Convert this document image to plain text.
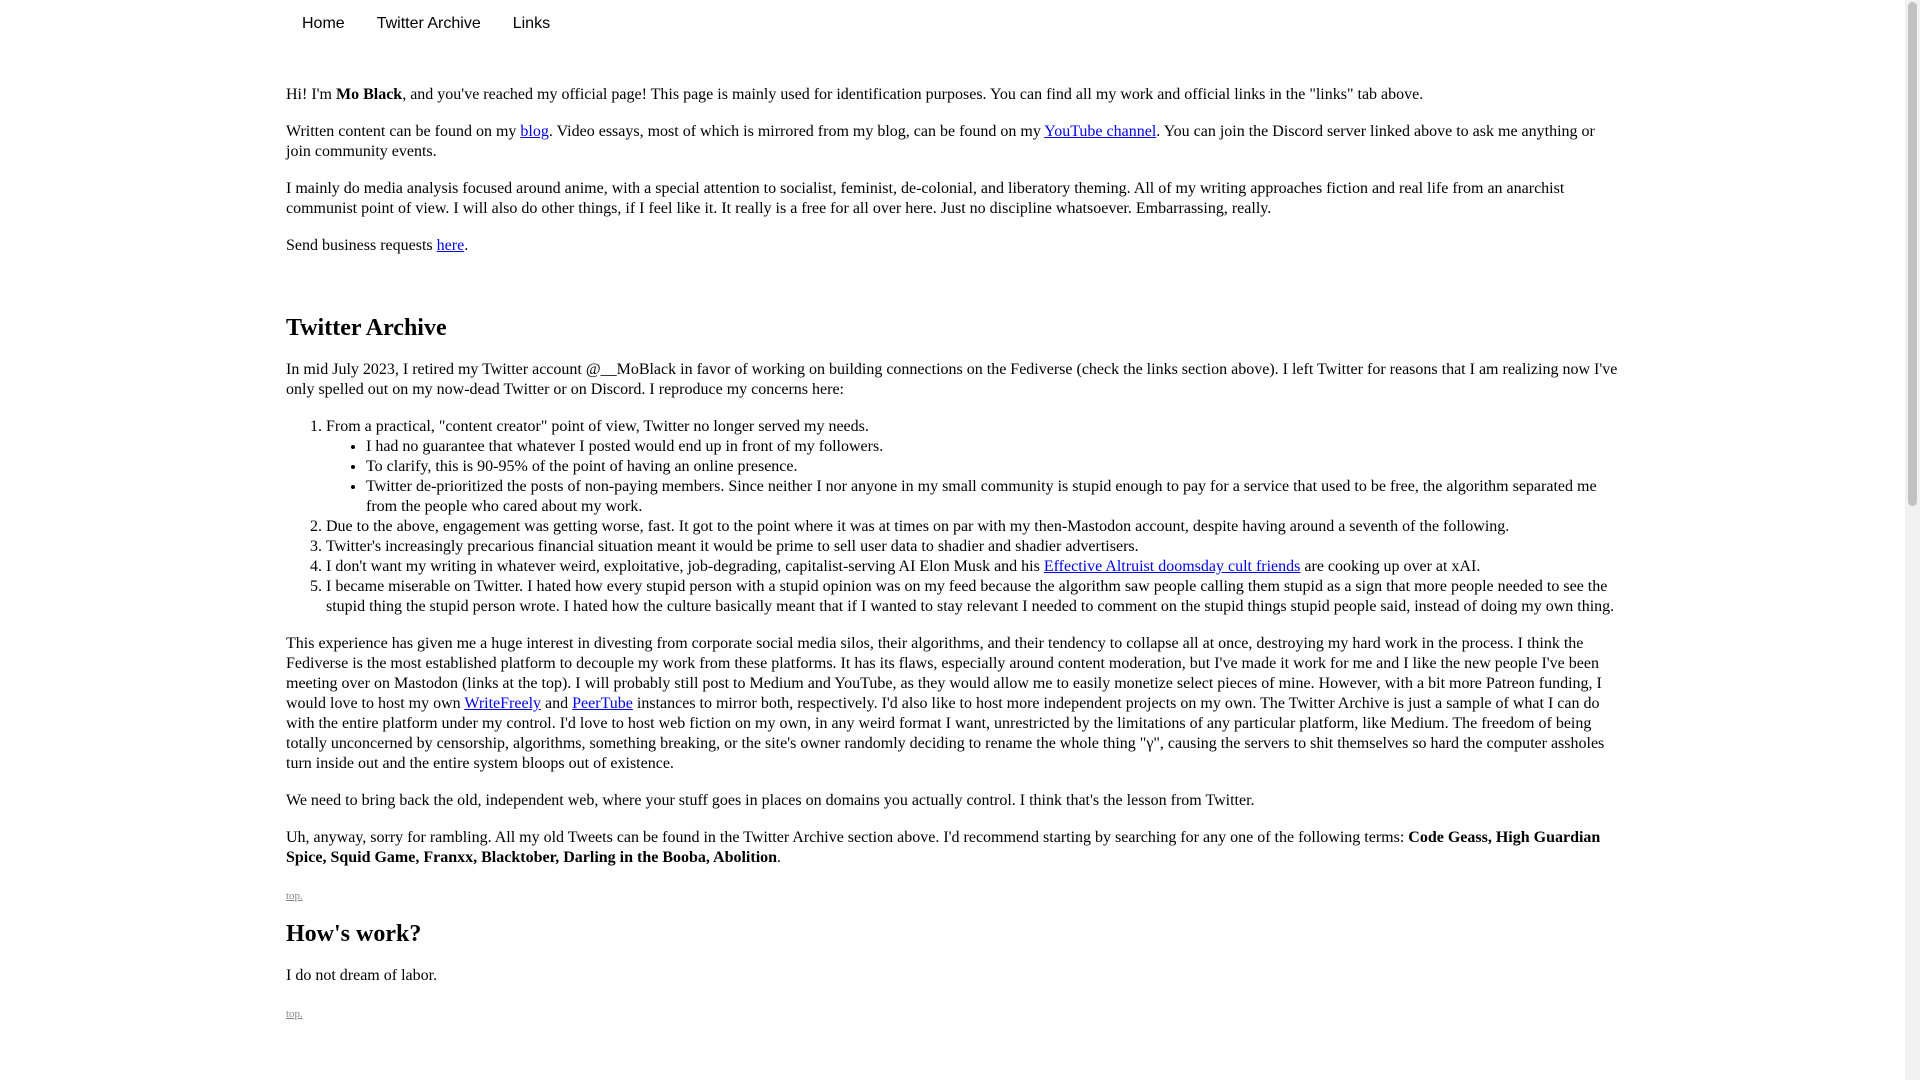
Home	Twitter Archive	Links

Hi! I'm Mo Black, and you've reached my official page! This page is mainly used for identification purposes. You can find all my work and official links in the "links" tab above.

Written content can be found on my blog. Video essays, most of which is mirrored from my blog, can be found on my YouTube channel. You can join the Discord server linked above to ask me anything or join community events.

I mainly do media analysis focused around anime, with a special attention to socialist, feminist, de-colonial, and liberatory theming. All of my writing approaches fiction and real life from an anarchist communist point of view. I will also do other things, if I feel like it. It really is a free for all over here. Just no discipline whatsoever. Embarrassing, really.

Send business requests here.

Twitter Archive

In mid July 2023, I retired my Twitter account @__MoBlack in favor of working on building connections on the Fediverse (check the links section above). I left Twitter for reasons that I am realizing now I've only spelled out on my now-dead Twitter or on Discord. I reproduce my concerns here:

1. From a practical, "content creator" point of view, Twitter no longer served my needs.
• I had no guarantee that whatever I posted would end up in front of my followers.
• To clarify, this is 90-95% of the point of having an online presence.
• Twitter de-prioritized the posts of non-paying members. Since neither I nor anyone in my small community is stupid enough to pay for a service that used to be free, the algorithm separated me from the people who cared about my work.
2. Due to the above, engagement was getting worse, fast. It got to the point where it was at times on par with my then-Mastodon account, despite having around a seventh of the following.
3. Twitter's increasingly precarious financial situation meant it would be prime to sell user data to shadier and shadier advertisers.
4. I don't want my writing in whatever weird, exploitative, job-degrading, capitalist-serving AI Elon Musk and his Effective Altruist doomsday cult friends are cooking up over at xAI.
5. I became miserable on Twitter. I hated how every stupid person with a stupid opinion was on my feed because the algorithm saw people calling them stupid as a sign that more people needed to see the stupid thing the stupid person wrote. I hated how the culture basically meant that if I wanted to stay relevant I needed to comment on the stupid things stupid people said, instead of doing my own thing.

This experience has given me a huge interest in divesting from corporate social media silos, their algorithms, and their tendency to collapse all at once, destroying my hard work in the process. I think the Fediverse is the most established platform to decouple my work from these platforms. It has its flaws, especially around content moderation, but I've made it work for me and I like the new people I've been meeting over on Mastodon (links at the top). I will probably still post to Medium and YouTube, as they would allow me to easily monetize select pieces of mine. However, with a bit more Patreon funding, I would love to host my own WriteFreely and PeerTube instances to mirror both, respectively. I'd also like to host more independent projects on my own. The Twitter Archive is just a sample of what I can do with the entire platform under my control. I'd love to host web fiction on my own, in any weird format I want, unrestricted by the limitations of any particular platform, like Medium. The freedom of being totally unconcerned by censorship, algorithms, something breaking, or the site's owner randomly deciding to rename the whole thing "γ", causing the servers to shit themselves so hard the computer assholes turn inside out and the entire system bloops out of existence.

We need to bring back the old, independent web, where your stuff goes in places on domains you actually control. I think that's the lesson from Twitter.

Uh, anyway, sorry for rambling. All my old Tweets can be found in the Twitter Archive section above. I'd recommend starting by searching for any one of the following terms: Code Geass, High Guardian Spice, Squid Game, Franxx, Blacktober, Darling in the Booba, Abolition.

top.
How's work?

I do not dream of labor.

top.
